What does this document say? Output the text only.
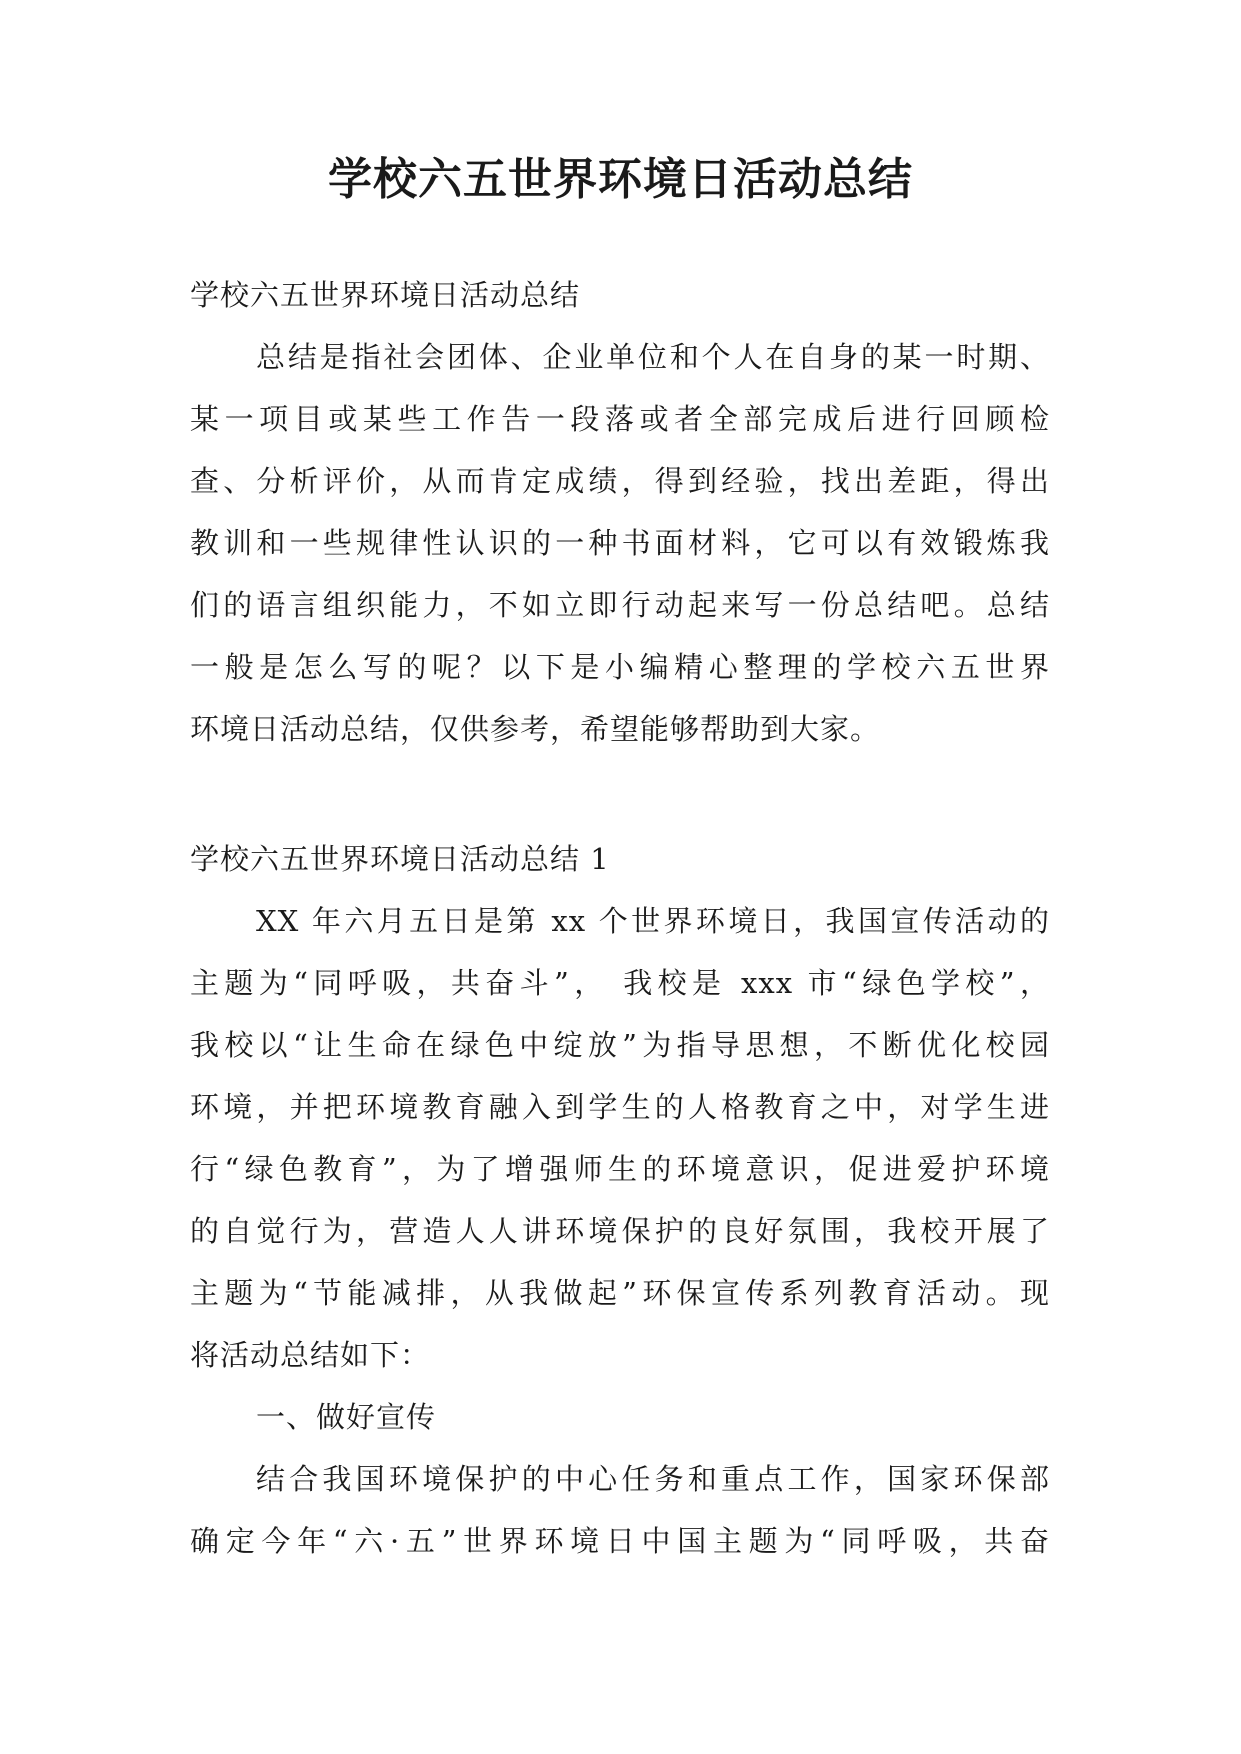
学校六五世界环境日活动总结
学校六五世界环境日活动总结
总结是指社会团体、企业单位和个人在自身的某一时期、
某一项目或某些工作告一段落或者全部完成后进行回顾检
查、分析评价，从而肯定成绩，得到经验，找出差距，得出
教训和一些规律性认识的一种书面材料，它可以有效锻炼我
们的语言组织能力，不如立即行动起来写一份总结吧。总结
一般是怎么写的呢？以下是小编精心整理的学校六五世界
环境日活动总结，仅供参考，希望能够帮助到大家。
学校六五世界环境日活动总结 1
XX 年六月五日是第 xx 个世界环境日，我国宣传活动的
主题为“同呼吸，共奋斗”， 我校是 xxx 市“绿色学校”，
我校以“让生命在绿色中绽放”为指导思想，不断优化校园
环境，并把环境教育融入到学生的人格教育之中，对学生进
行“绿色教育”，为了增强师生的环境意识，促进爱护环境
的自觉行为，营造人人讲环境保护的良好氛围，我校开展了
主题为“节能减排，从我做起”环保宣传系列教育活动。现
将活动总结如下：
一、做好宣传
结合我国环境保护的中心任务和重点工作，国家环保部
确定今年“六·五”世界环境日中国主题为“同呼吸，共奋
